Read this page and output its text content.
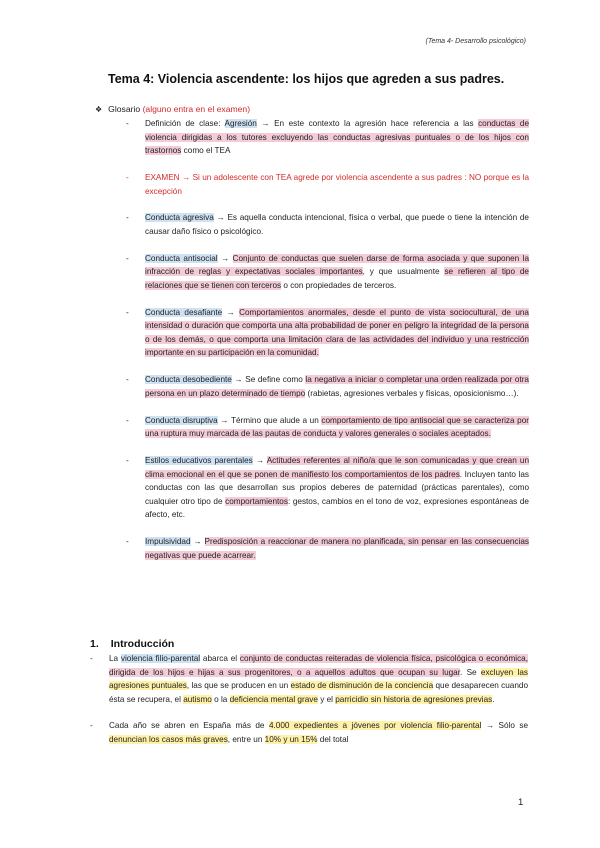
(Tema 4- Desarrollo psicológico)
Tema 4: Violencia ascendente: los hijos que agreden a sus padres.
❖ Glosario (alguno entra en el examen)
- Definición de clase: Agresión → En este contexto la agresión hace referencia a las conductas de violencia dirigidas a los tutores excluyendo las conductas agresivas puntuales o de los hijos con trastornos como el TEA
- EXAMEN → Si un adolescente con TEA agrede por violencia ascendente a sus padres : NO porque es la excepción
- Conducta agresiva → Es aquella conducta intencional, física o verbal, que puede o tiene la intención de causar daño físico o psicológico.
- Conducta antisocial → Conjunto de conductas que suelen darse de forma asociada y que suponen la infracción de reglas y expectativas sociales importantes, y que usualmente se refieren al tipo de relaciones que se tienen con terceros o con propiedades de terceros.
- Conducta desafiante → Comportamientos anormales, desde el punto de vista sociocultural, de una intensidad o duración que comporta una alta probabilidad de poner en peligro la integridad de la persona o de los demás, o que comporta una limitación clara de las actividades del individuo y una restricción importante en su participación en la comunidad.
- Conducta desobediente → Se define como la negativa a iniciar o completar una orden realizada por otra persona en un plazo determinado de tiempo (rabietas, agresiones verbales y físicas, oposicionismo…).
- Conducta disruptiva → Término que alude a un comportamiento de tipo antisocial que se caracteriza por una ruptura muy marcada de las pautas de conducta y valores generales o sociales aceptados.
- Estilos educativos parentales → Actitudes referentes al niño/a que le son comunicadas y que crean un clima emocional en el que se ponen de manifiesto los comportamientos de los padres. Incluyen tanto las conductas con las que desarrollan sus propios deberes de paternidad (prácticas parentales), como cualquier otro tipo de comportamientos: gestos, cambios en el tono de voz, expresiones espontáneas de afecto, etc.
- Impulsividad → Predisposición a reaccionar de manera no planificada, sin pensar en las consecuencias negativas que puede acarrear.
1. Introducción
- La violencia filio-parental abarca el conjunto de conductas reiteradas de violencia física, psicológica o económica, dirigida de los hijos e hijas a sus progenitores, o a aquellos adultos que ocupan su lugar. Se excluyen las agresiones puntuales, las que se producen en un estado de disminución de la conciencia que desaparecen cuando ésta se recupera, el autismo o la deficiencia mental grave y el parricidio sin historia de agresiones previas.
- Cada año se abren en España más de 4.000 expedientes a jóvenes por violencia filio-parental → Sólo se denuncian los casos más graves, entre un 10% y un 15% del total
1
